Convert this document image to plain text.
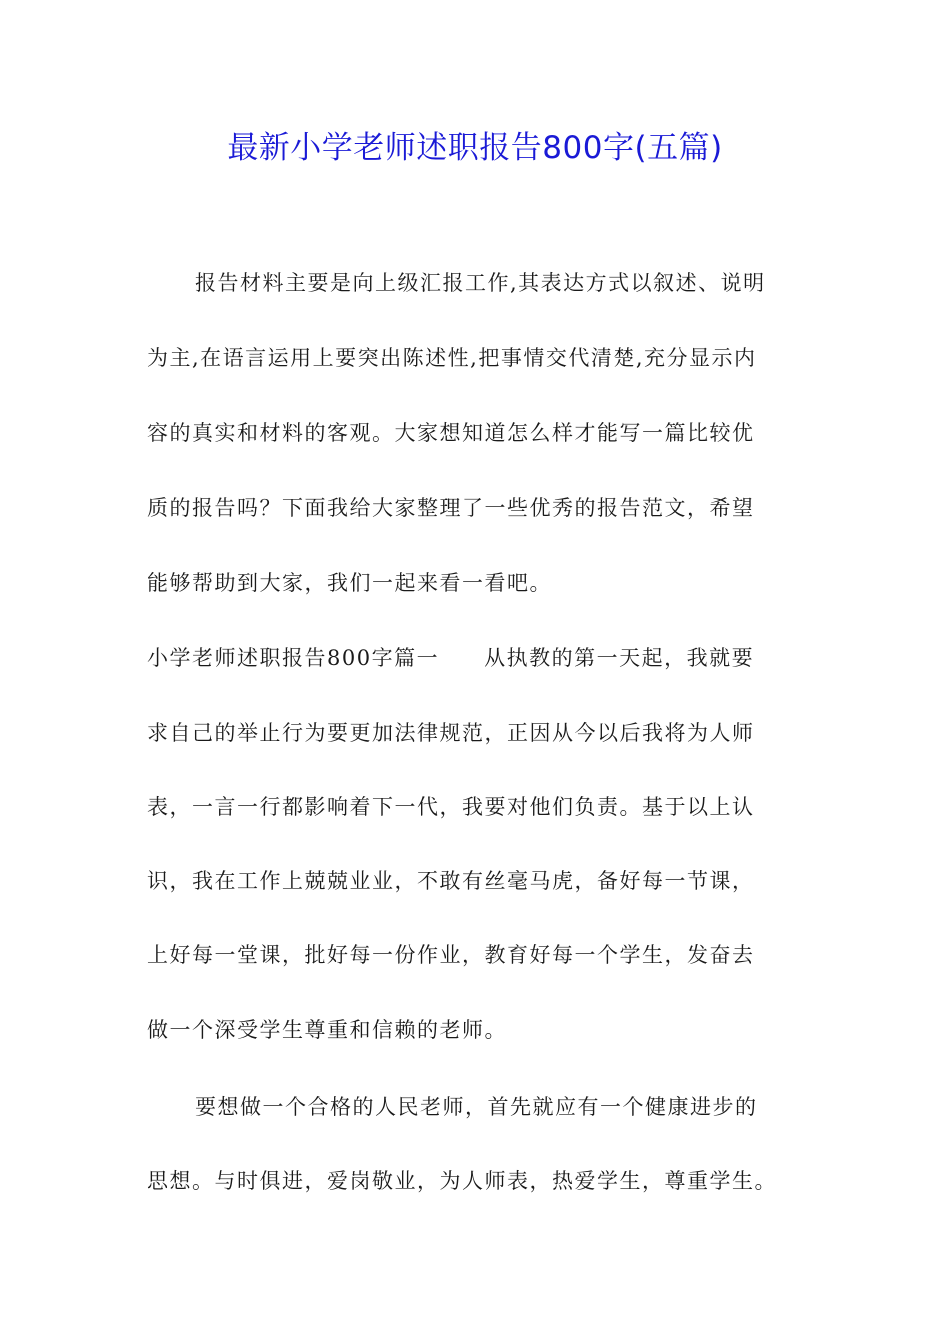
最新小学老师述职报告800字(五篇)
报告材料主要是向上级汇报工作,其表达方式以叙述、说明
为主,在语言运用上要突出陈述性,把事情交代清楚,充分显示内
容的真实和材料的客观。大家想知道怎么样才能写一篇比较优
质的报告吗？下面我给大家整理了一些优秀的报告范文，希望
能够帮助到大家，我们一起来看一看吧。
小学老师述职报告800字篇一　　从执教的第一天起，我就要
求自己的举止行为要更加法律规范，正因从今以后我将为人师
表，一言一行都影响着下一代，我要对他们负责。基于以上认
识，我在工作上兢兢业业，不敢有丝毫马虎，备好每一节课，
上好每一堂课，批好每一份作业，教育好每一个学生，发奋去
做一个深受学生尊重和信赖的老师。
要想做一个合格的人民老师，首先就应有一个健康进步的
思想。与时俱进，爱岗敬业，为人师表，热爱学生，尊重学生。
